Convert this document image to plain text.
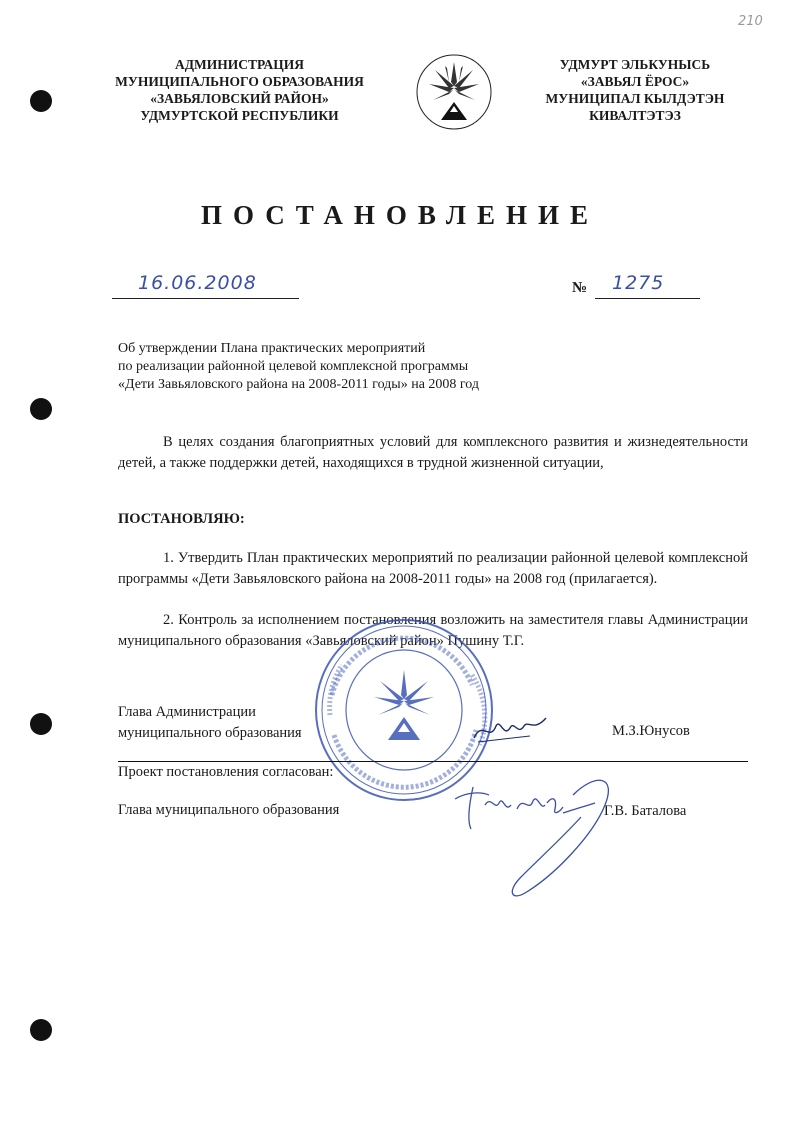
210
АДМИНИСТРАЦИЯ
МУНИЦИПАЛЬНОГО ОБРАЗОВАНИЯ
«ЗАВЬЯЛОВСКИЙ РАЙОН»
УДМУРТСКОЙ РЕСПУБЛИКИ
УДМУРТ ЭЛЬКУНЫСЬ
«ЗАВЬЯЛ ЁРОС»
МУНИЦИПАЛ КЫЛДЭТЭН
КИВАЛТЭТЭЗ
ПОСТАНОВЛЕНИЕ
16.06.2008	№ 1275
Об утверждении Плана практических мероприятий
по реализации районной целевой комплексной программы
«Дети Завьяловского района на 2008-2011 годы» на 2008 год
В целях создания благоприятных условий для комплексного развития и жизнедеятельности детей, а также поддержки детей, находящихся в трудной жизненной ситуации,
ПОСТАНОВЛЯЮ:
1. Утвердить План практических мероприятий по реализации районной целевой комплексной программы «Дети Завьяловского района на 2008-2011 годы» на 2008 год (прилагается).
2. Контроль за исполнением постановления возложить на заместителя главы Администрации муниципального образования «Завьяловский район» Пушину Т.Г.
Глава Администрации
муниципального образования	М.З.Юнусов
Проект постановления согласован:
Глава муниципального образования	Г.В. Баталова
